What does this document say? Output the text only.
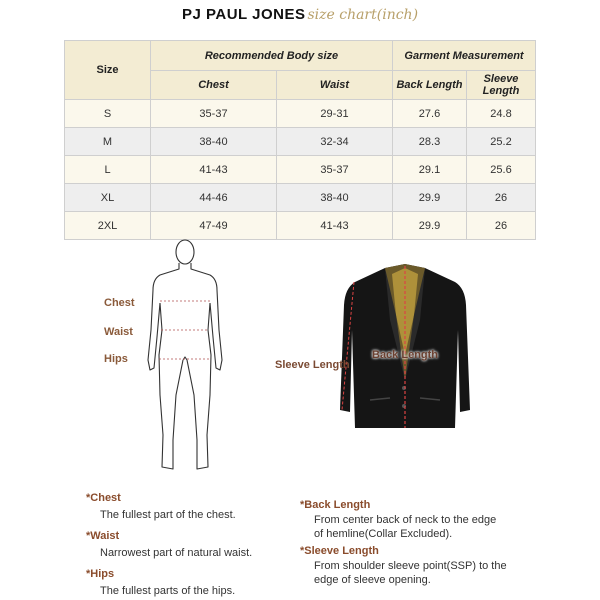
PJ PAUL JONES size chart(inch)
Size	Recommended Body size		Garment Measurement	
	Chest	Waist	Back Length	Sleeve Length
S	35-37	29-31	27.6	24.8
M	38-40	32-34	28.3	25.2
L	41-43	35-37	29.1	25.6
XL	44-46	38-40	29.9	26
2XL	47-49	41-43	29.9	26
Chest
Waist
Hips	Back Length
Sleeve Length
*Chest
The fullest part of the chest.
*Waist
Narrowest part of natural waist.
*Hips
The fullest parts of the hips.
*Back Length
From center back of neck to the edge
of hemline(Collar Excluded).
*Sleeve Length
From shoulder sleeve point(SSP) to the
edge of sleeve opening.
